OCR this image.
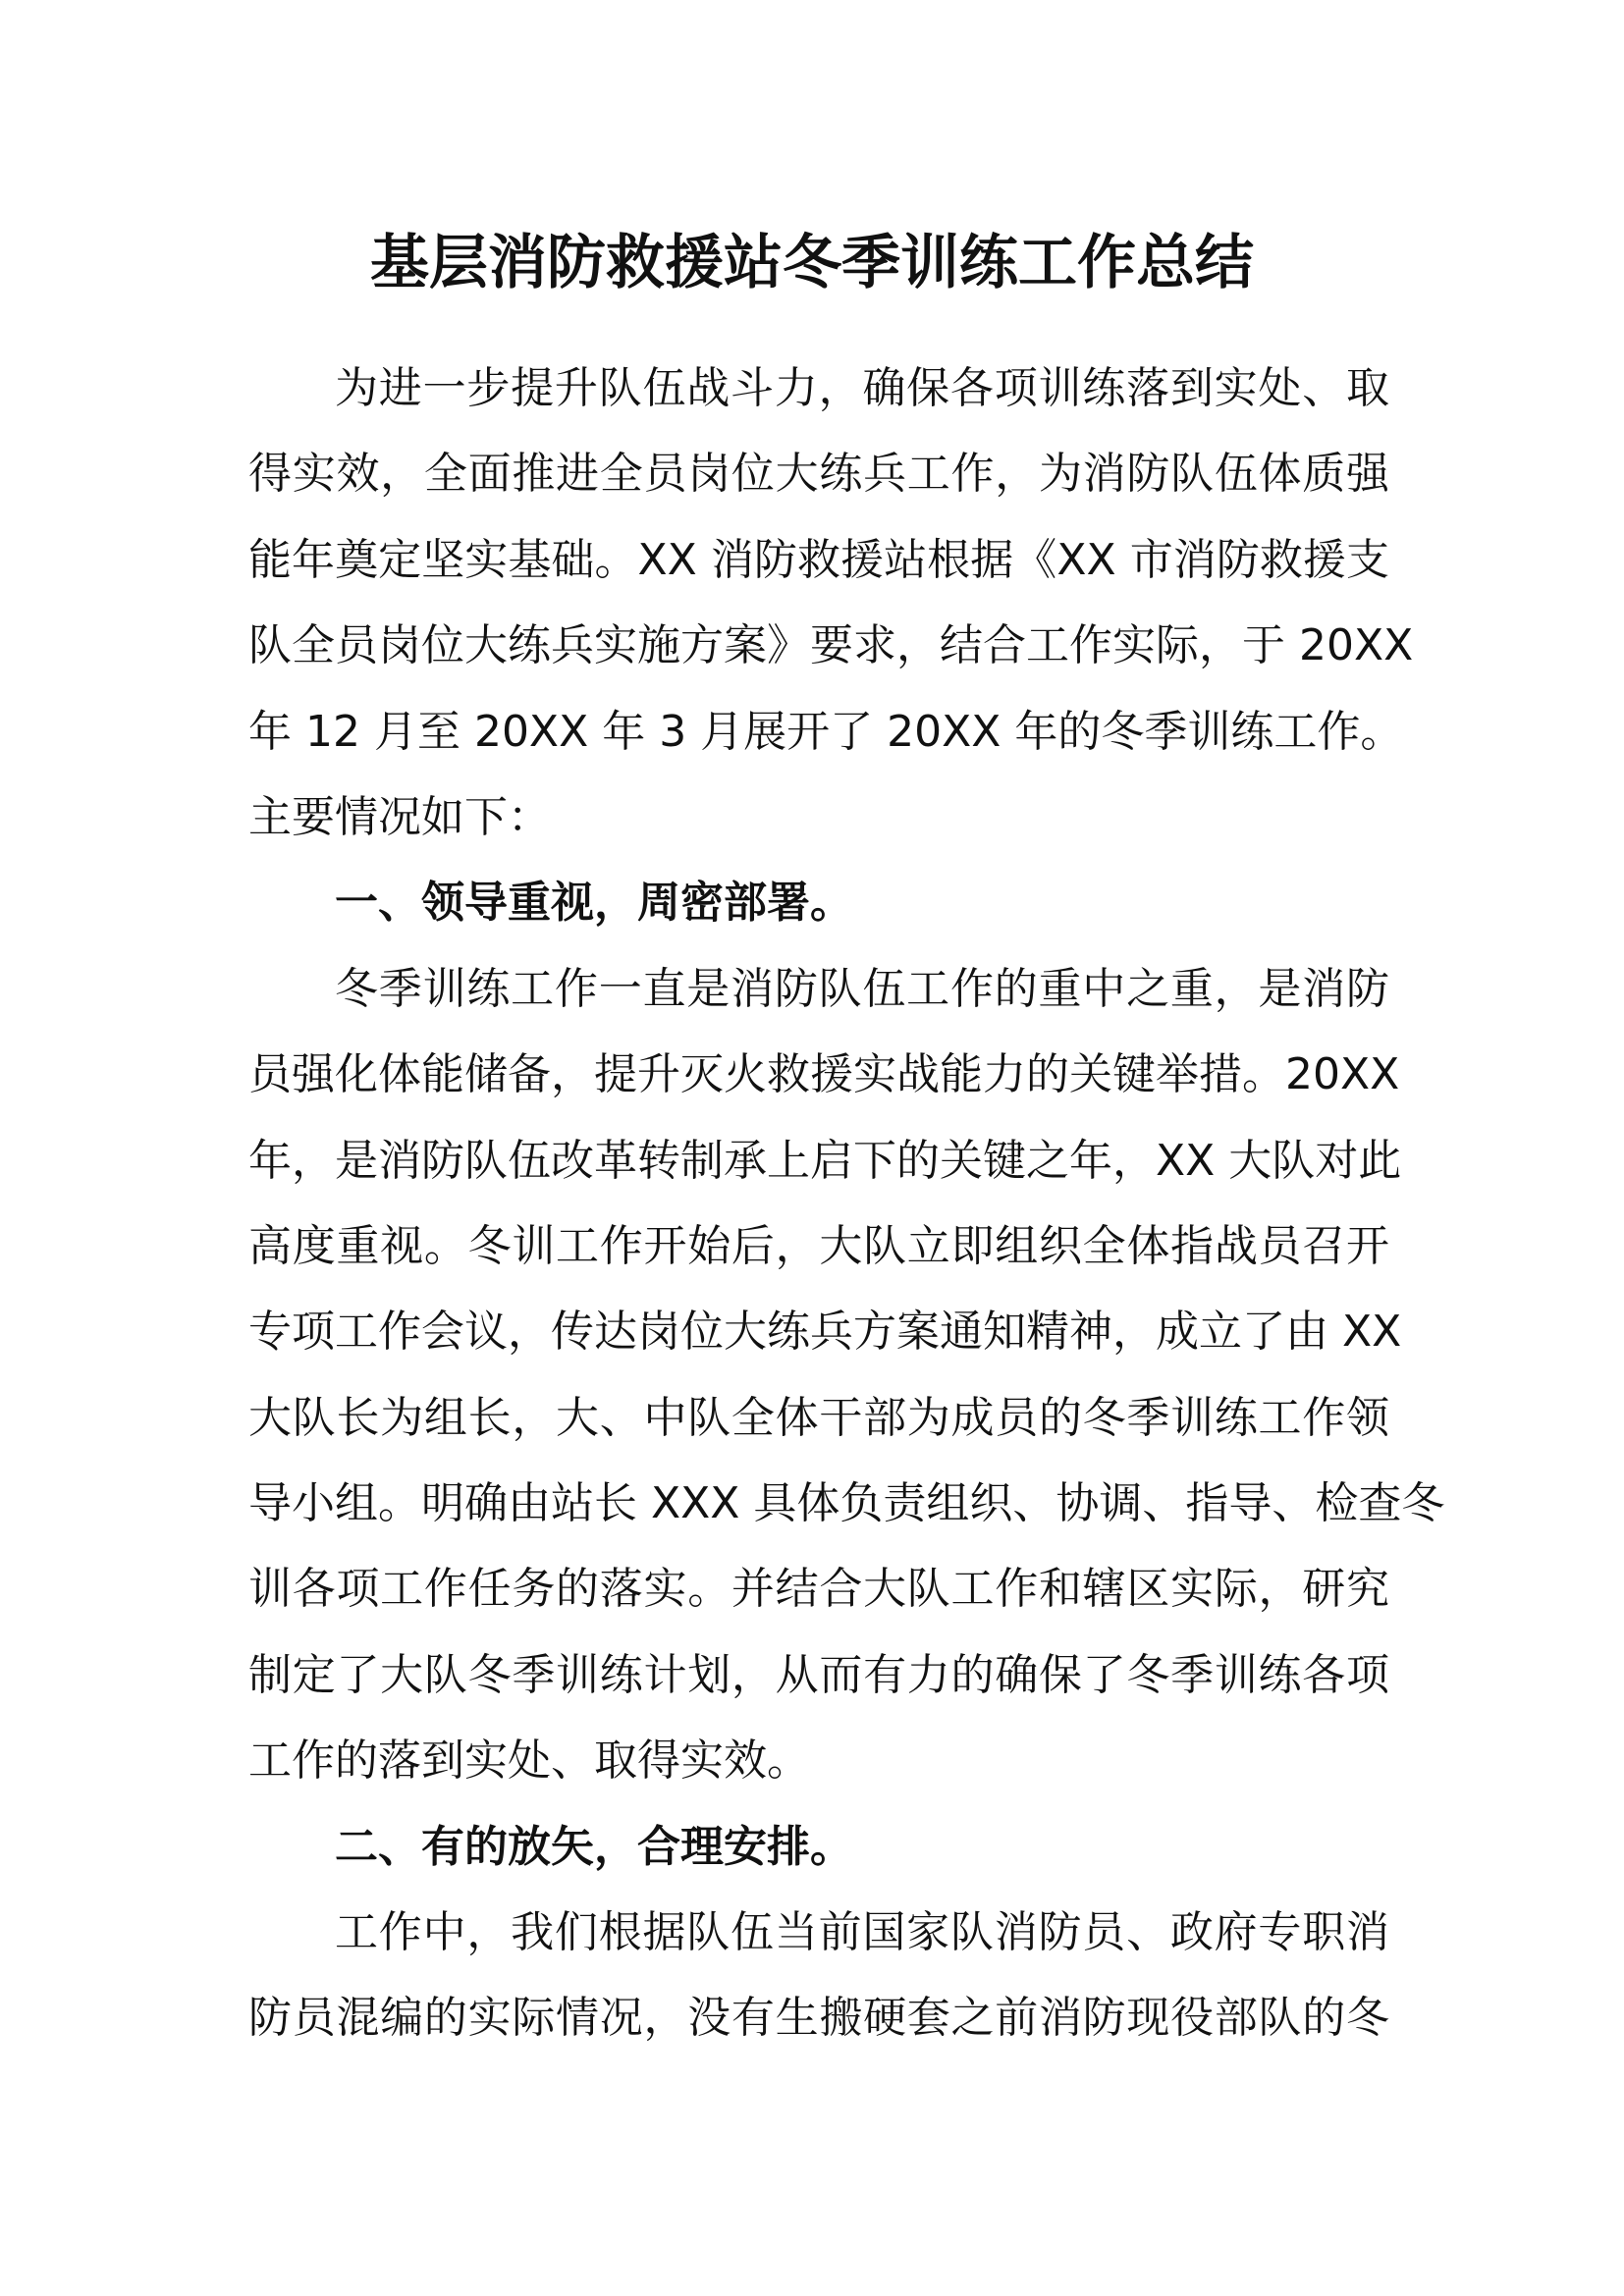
基层消防救援站冬季训练工作总结
为进一步提升队伍战斗力，确保各项训练落到实处、取
得实效，全面推进全员岗位大练兵工作，为消防队伍体质强
能年奠定坚实基础。XX 消防救援站根据《XX 市消防救援支
队全员岗位大练兵实施方案》要求，结合工作实际，于 20XX
年 12 月至 20XX 年 3 月展开了 20XX 年的冬季训练工作。
主要情况如下：
一、领导重视，周密部署。
冬季训练工作一直是消防队伍工作的重中之重，是消防
员强化体能储备，提升灭火救援实战能力的关键举措。20XX
年，是消防队伍改革转制承上启下的关键之年，XX 大队对此
高度重视。冬训工作开始后，大队立即组织全体指战员召开
专项工作会议，传达岗位大练兵方案通知精神，成立了由 XX
大队长为组长，大、中队全体干部为成员的冬季训练工作领
导小组。明确由站长 XXX 具体负责组织、协调、指导、检查冬
训各项工作任务的落实。并结合大队工作和辖区实际，研究
制定了大队冬季训练计划，从而有力的确保了冬季训练各项
工作的落到实处、取得实效。
二、有的放矢，合理安排。
工作中，我们根据队伍当前国家队消防员、政府专职消
防员混编的实际情况，没有生搬硬套之前消防现役部队的冬
